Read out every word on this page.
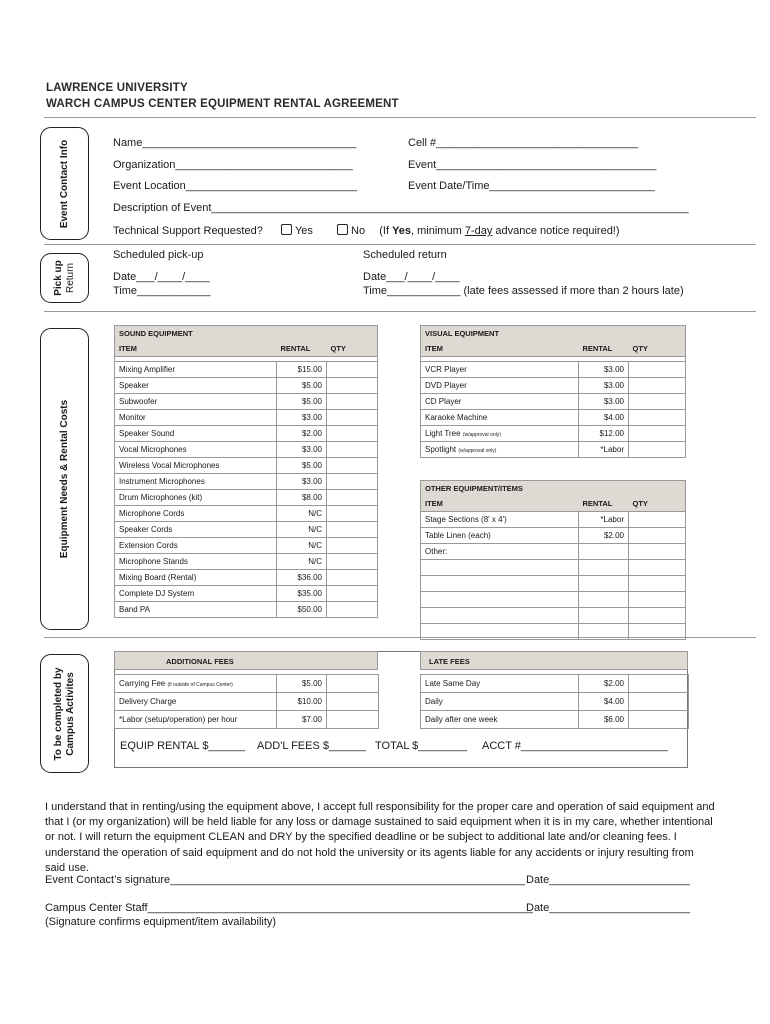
LAWRENCE UNIVERSITY
WARCH CAMPUS CENTER EQUIPMENT RENTAL AGREEMENT
Event Contact Info	Name___________________________________	Cell #_________________________________
Organization_____________________________	Event____________________________________
Event Location____________________________	Event Date/Time___________________________
Description of Event______________________________________________________________________________
Technical Support Requested?	Yes	No (If Yes, minimum 7-day advance notice required!)
Pick up
Return
Scheduled pick-up
Date___/____/____
Time____________
Scheduled return
Date___/____/____
Time____________ (late fees assessed if more than 2 hours late)
Equipment Needs & Rental Costs
SOUND EQUIPMENT		
ITEM	RENTAL	QTY

Mixing Amplifier	$15.00	
Speaker	$5.00	
Subwoofer	$5.00	
Monitor	$3.00	
Speaker Sound	$2.00	
Vocal Microphones	$3.00	
Wireless Vocal Microphones	$5.00	
Instrument Microphones	$3.00	
Drum Microphones (kit)	$8.00	
Microphone Cords	N/C	
Speaker Cords	N/C	
Extension Cords	N/C	
Microphone Stands	N/C	
Mixing Board (Rental)	$36.00	
Complete DJ System	$35.00	
Band PA	$50.00	
VISUAL EQUIPMENT		
ITEM	RENTAL	QTY

VCR Player	$3.00	
DVD Player	$3.00	
CD Player	$3.00	
Karaoke Machine	$4.00	
Light Tree (w/approval only)	$12.00	
Spotlight (w/approval only)	*Labor	
OTHER EQUIPMENT/ITEMS		
ITEM	RENTAL	QTY
Stage Sections (8' x 4')	*Labor	
Table Linen (each)	$2.00	
Other:		

To be completed by
Campus Activites
ADDITIONAL FEES	LATE FEES
Carrying Fee (if outside of Campus Center)	$5.00	
Delivery Charge	$10.00	
*Labor (setup/operation) per hour	$7.00	
Late Same Day	$2.00	
Daily	$4.00	
Daily after one week	$6.00	
EQUIP RENTAL $______ ADD'L FEES $______ TOTAL $________ ACCT #________________________
I understand that in renting/using the equipment above, I accept full responsibility for the proper care and operation of said equipment and that I (or my organization) will be held liable for any loss or damage sustained to said equipment when it is in my care, whether intentional or not. I will return the equipment CLEAN and DRY by the specified deadline or be subject to additional late and/or cleaning fees. I understand the operation of said equipment and do not hold the university or its agents liable for any accidents or injury resulting from said use.
Event Contact’s signature__________________________________________________________ Date_______________________
Campus Center Staff_______________________________________________________________
Date_______________________
(Signature confirms equipment/item availability)
